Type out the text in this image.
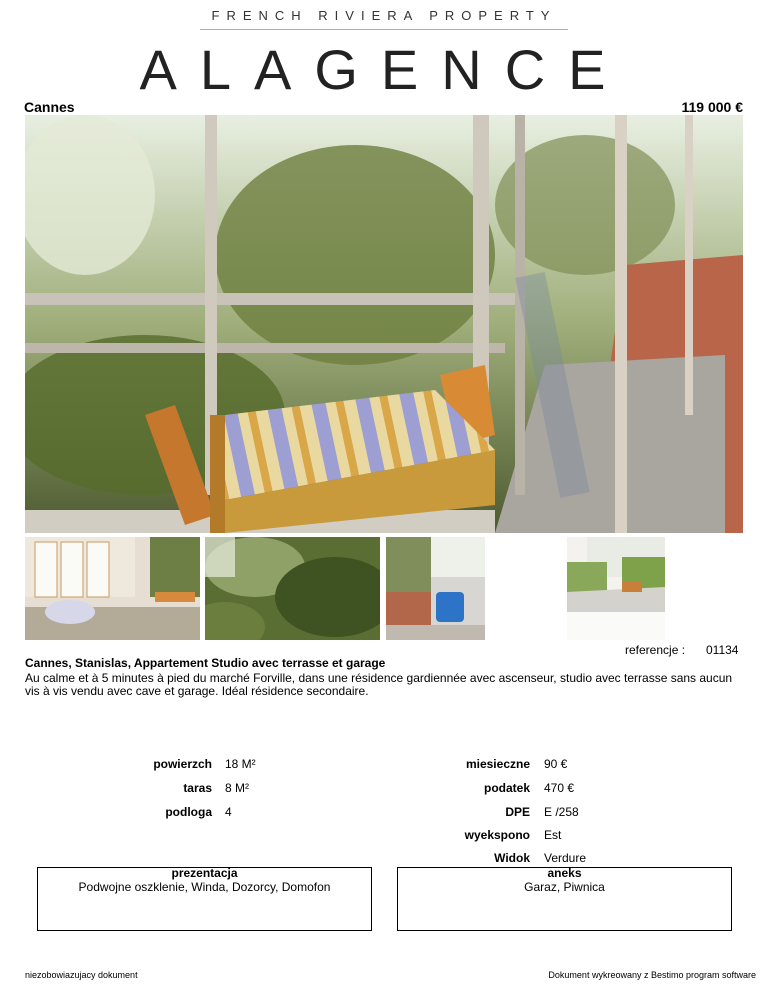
FRENCH RIVIERA PROPERTY
ALAGENCE
Cannes	119 000 €
referencje : 01134
Cannes, Stanislas, Appartement Studio avec terrasse et garage
Au calme et à 5 minutes à pied du marché Forville, dans une résidence gardiennée avec ascenseur, studio avec terrasse sans aucun vis à vis vendu avec cave et garage. Idéal résidence secondaire.
powierzch 18 M²
taras 8 M²
podloga 4
miesieczne 90 €
podatek 470 €
DPE E /258
wyekspono Est
Widok Verdure
prezentacja
Podwojne oszklenie, Winda, Dozorcy, Domofon
aneks
Garaz, Piwnica
niezobowiazujacy dokument	Dokument wykreowany z Bestimo program software
